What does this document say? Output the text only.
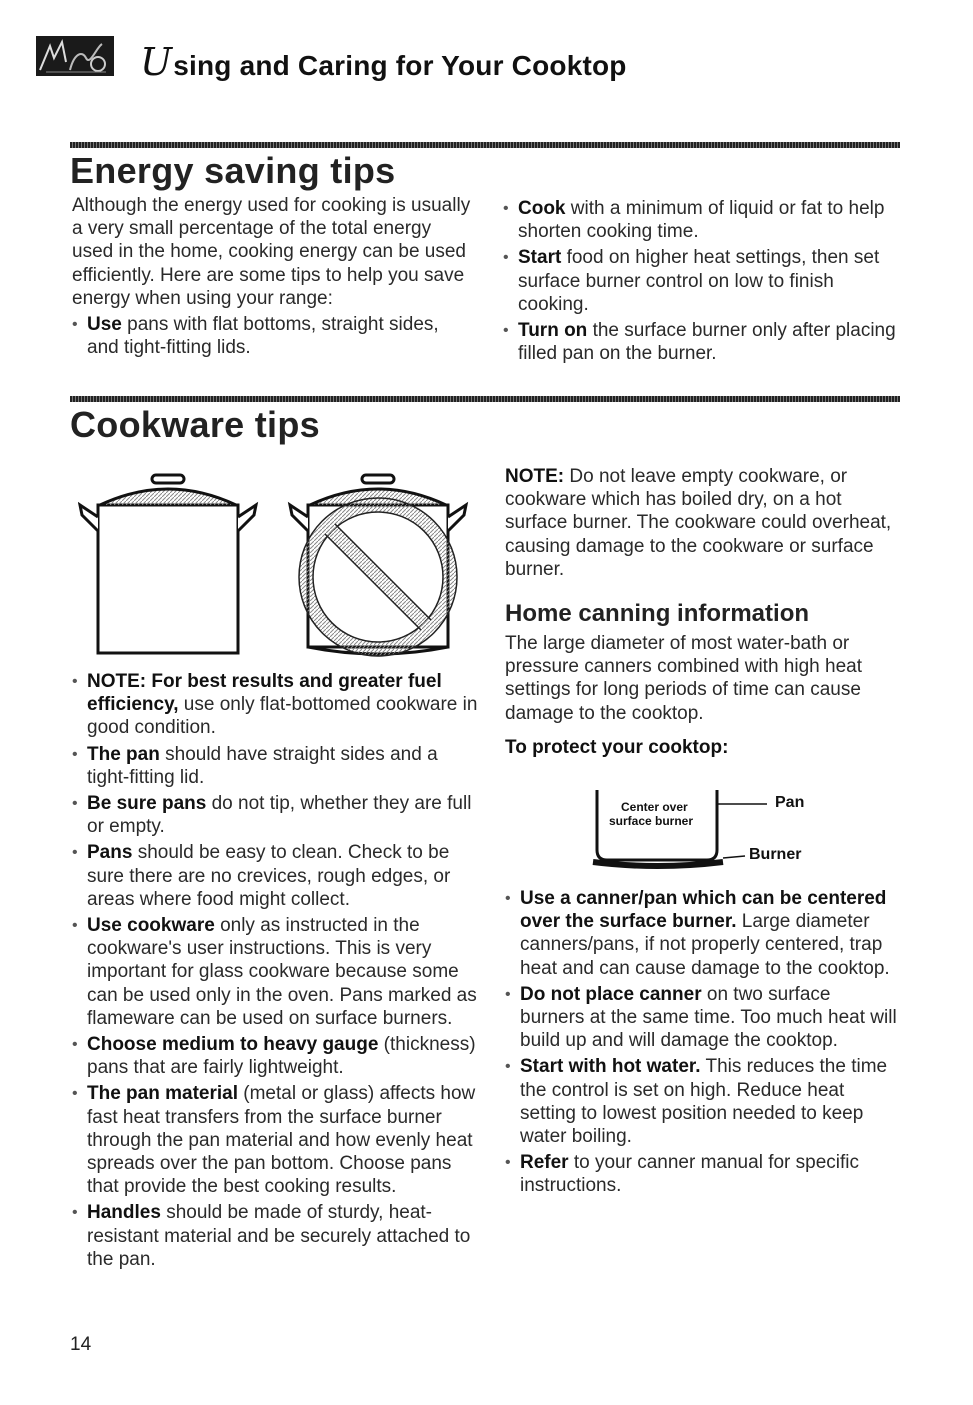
Using and Caring for Your Cooktop
Energy saving tips

Although the energy used for cooking is usually a very small percentage of the total energy used in the home, cooking energy can be used efficiently. Here are some tips to help you save energy when using your range:

• Use pans with flat bottoms, straight sides, and tight-fitting lids.
• Cook with a minimum of liquid or fat to help shorten cooking time.
• Start food on higher heat settings, then set surface burner control on low to finish cooking.
• Turn on the surface burner only after placing filled pan on the burner.
Cookware tips
• NOTE: For best results and greater fuel efficiency, use only flat-bottomed cookware in good condition.
• The pan should have straight sides and a tight-fitting lid.
• Be sure pans do not tip, whether they are full or empty.
• Pans should be easy to clean. Check to be sure there are no crevices, rough edges, or areas where food might collect.
• Use cookware only as instructed in the cookware's user instructions. This is very important for glass cookware because some can be used only in the oven. Pans marked as flameware can be used on surface burners.
• Choose medium to heavy gauge (thickness) pans that are fairly lightweight.
• The pan material (metal or glass) affects how fast heat transfers from the surface burner through the pan material and how evenly heat spreads over the pan bottom. Choose pans that provide the best cooking results.
• Handles should be made of sturdy, heat-resistant material and be securely attached to the pan.

NOTE: Do not leave empty cookware, or cookware which has boiled dry, on a hot surface burner. The cookware could overheat, causing damage to the cookware or surface burner.

Home canning information

The large diameter of most water-bath or pressure canners combined with high heat settings for long periods of time can cause damage to the cooktop.

To protect your cooktop:
Center over
surface burner
Pan
Burner
• Use a canner/pan which can be centered over the surface burner. Large diameter canners/pans, if not properly centered, trap heat and can cause damage to the cooktop.
• Do not place canner on two surface burners at the same time. Too much heat will build up and will damage the cooktop.
• Start with hot water. This reduces the time the control is set on high. Reduce heat setting to lowest position needed to keep water boiling.
• Refer to your canner manual for specific instructions.
14
